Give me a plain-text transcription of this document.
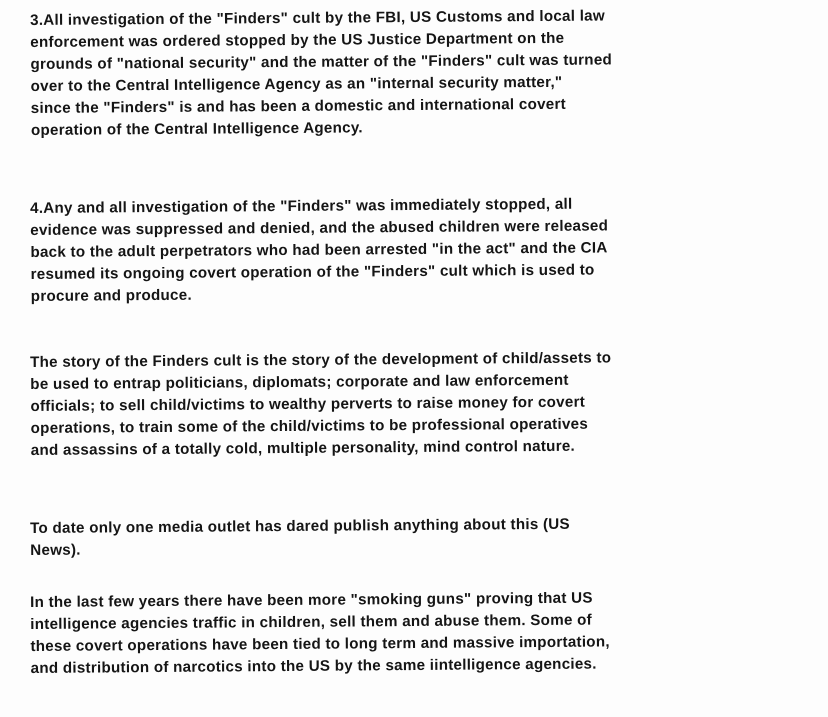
3.All investigation of the "Finders" cult by the FBI, US Customs and local law
enforcement was ordered stopped by the US Justice Department on the
grounds of "national security" and the matter of the "Finders" cult was turned
over to the Central Intelligence Agency as an "internal security matter,"
since the "Finders" is and has been a domestic and international covert
operation of the Central Intelligence Agency.

4.Any and all investigation of the "Finders" was immediately stopped, all
evidence was suppressed and denied, and the abused children were released
back to the adult perpetrators who had been arrested "in the act" and the CIA
resumed its ongoing covert operation of the "Finders" cult which is used to
procure and produce.

The story of the Finders cult is the story of the development of child/assets to
be used to entrap politicians, diplomats; corporate and law enforcement
officials; to sell child/victims to wealthy perverts to raise money for covert
operations, to train some of the child/victims to be professional operatives
and assassins of a totally cold, multiple personality, mind control nature.

To date only one media outlet has dared publish anything about this (US
News).

In the last few years there have been more "smoking guns" proving that US
intelligence agencies traffic in children, sell them and abuse them. Some of
these covert operations have been tied to long term and massive importation,
and distribution of narcotics into the US by the same iintelligence agencies.
